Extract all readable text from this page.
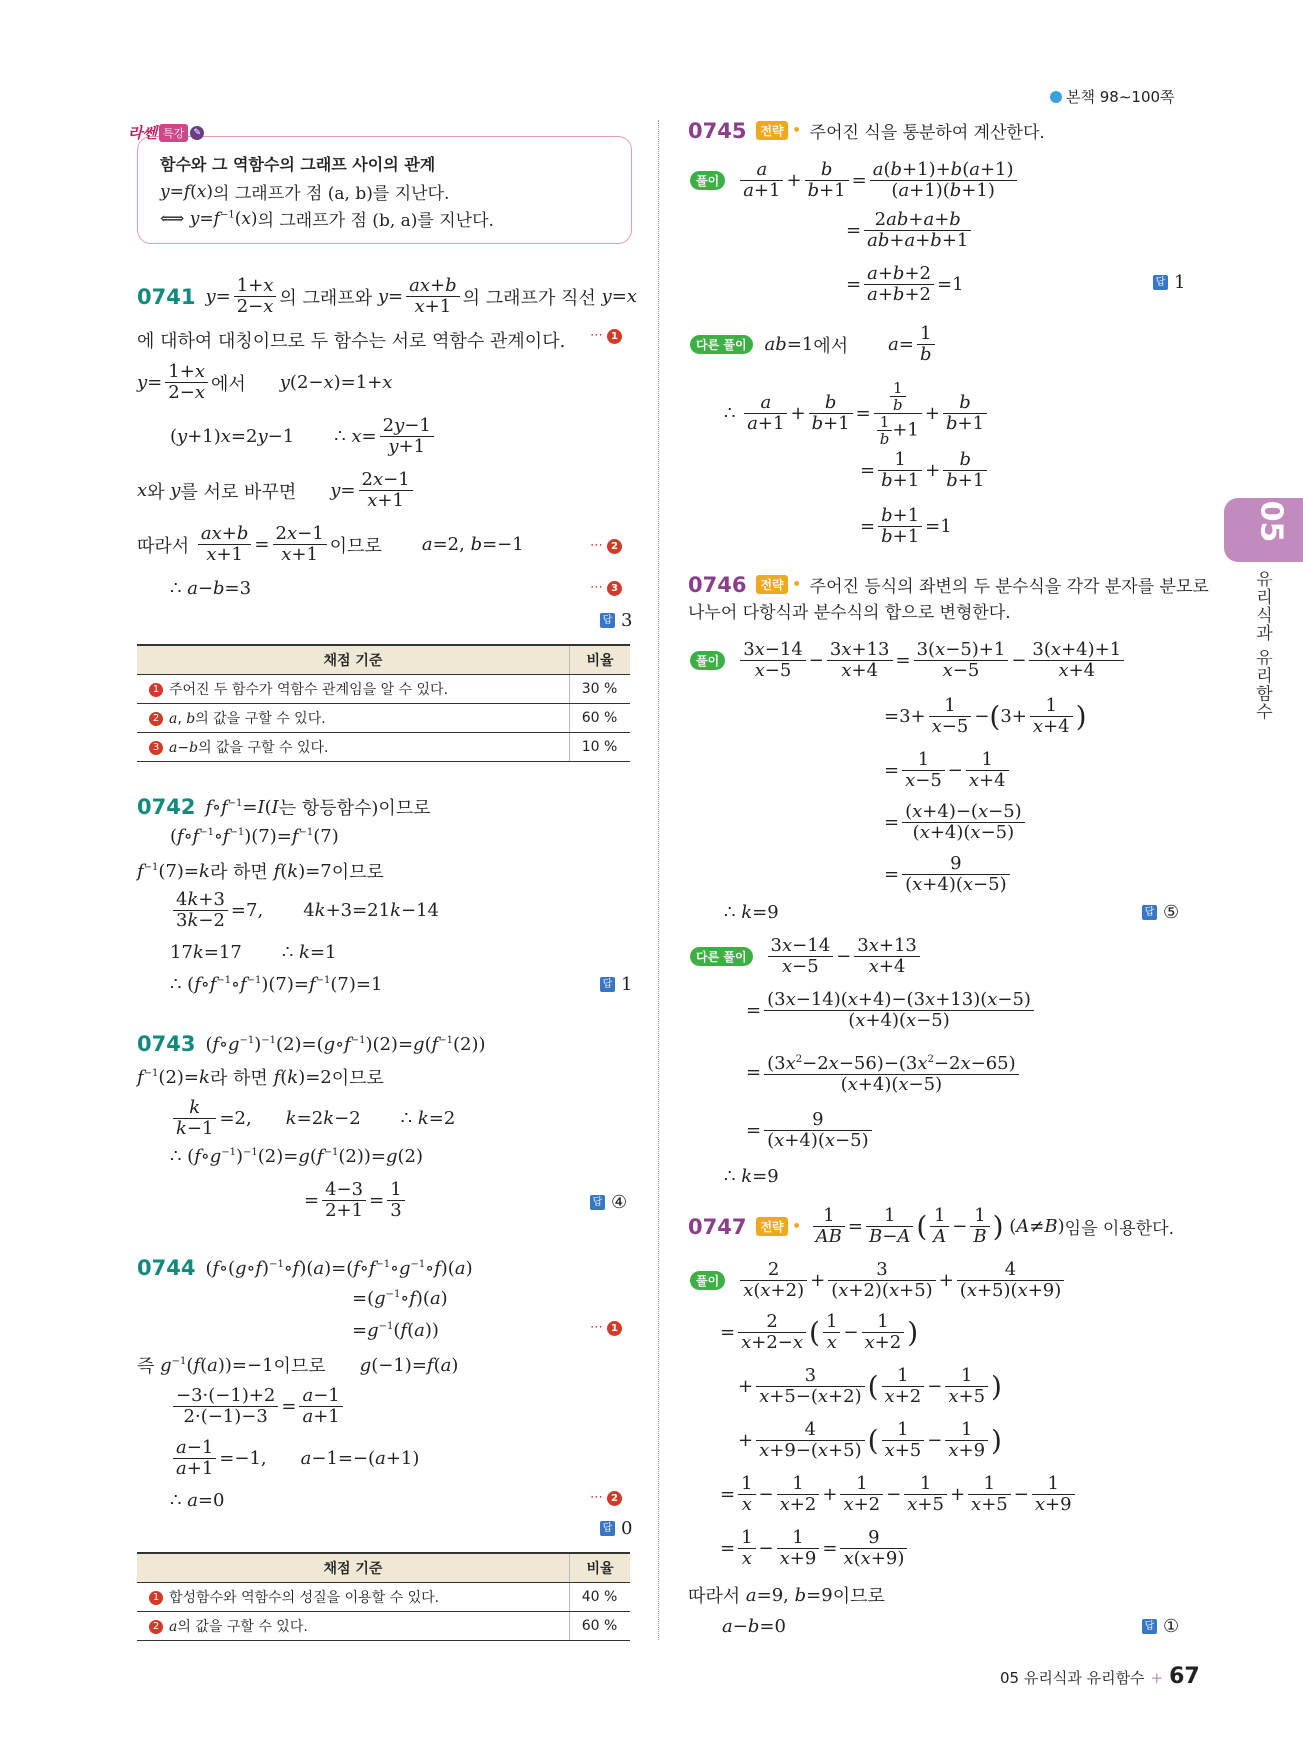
본책 98∼100쪽
라쎈 특강	✎
함수와 그 역함수의 그래프 사이의 관계
y=f(x) 의 그래프가 점 (a, b)를 지난다.
⟺ $y=f^{-1}(x)$ 의 그래프가 점 (b, a)를 지난다.
0741 $y= \frac{1+x}{2-x}$ 의 그래프와
$y= \frac{ax+b}{x+1}$ 의 그래프가 직선
y=x
에 대하여 대칭이므로 두 함수는 서로 역함수 관계이다. ⋯ 1
$y= \frac{1+x}{2-x}$ 에서 y(2−x)=1+x
(y+1)x=2y−1 ∴ $x= \frac{2y-1}{y+1}$
x 와
y 를 서로 바꾸면 $y= \frac{2x-1}{x+1}$
따라서
$\frac{ax+b}{x+1} = \frac{2x-1}{x+1}$ 이므로 a=2, b=−1	⋯ 2
∴ a−b=3	⋯ 3
답 3
채점 기준	비율
1 주어진 두 함수가 역함수 관계임을 알 수 있다.	30 %
2 a, b의 값을 구할 수 있다.	60 %
3 a−b의 값을 구할 수 있다.	10 %
0742 $f\circ f^{-1}=I$ ( I 는 항등함수)이므로
$(f\circ f^{-1}\circ f^{-1})(7)=f^{-1}(7)$
$f^{-1}(7)=k$ 라 하면
f(k)=7 이므로
$\frac{4k+3}{3k-2} =7$, 4k+3=21k−14
17k=17 ∴ k=1
∴ $(f\circ f^{-1}\circ f^{-1})(7)=f^{-1}(7)=1$	답 1
0743 $(f\circ g^{-1})^{-1}(2)=(g\circ f^{-1})(2)=g(f^{-1}(2))$
$f^{-1}(2)=k$ 라 하면
f(k)=2 이므로
$\frac{k}{k-1} =2$, k=2k−2 ∴ k=2
∴ $(f\circ g^{-1})^{-1}(2)=g(f^{-1}(2))=g(2)$
= $\frac{4-3}{2+1} = \frac{1}{3}$	답 ④
0744 $(f\circ(g\circ f)^{-1}\circ f)(a)=(f\circ f^{-1}\circ g^{-1}\circ f)(a)$
$=(g^{-1}\circ f)(a)$
$=g^{-1}(f(a))$	⋯ 1
즉
$g^{-1}(f(a))=-1$ 이므로 g(−1)=f(a)
$\frac{-3\cdot(-1)+2}{2\cdot(-1)-3} = \frac{a-1}{a+1}$
$\frac{a-1}{a+1} =-1$, a−1=−(a+1)
∴ a=0	⋯ 2
답 0
채점 기준	비율
1 합성함수와 역함수의 성질을 이용할 수 있다.	40 %
2 a의 값을 구할 수 있다.	60 %
0745	전략 • 주어진 식을 통분하여 계산한다.
풀이	$\frac{a}{a+1} + \frac{b}{b+1} = \frac{a(b+1)+b(a+1)}{(a+1)(b+1)}$
= $\frac{2ab+a+b}{ab+a+b+1}$
= $\frac{a+b+2}{a+b+2} =1$	답 1
다른 풀이	ab=1 에서 $a= \frac{1}{b}$
∴
$\frac{a}{a+1} + \frac{b}{b+1} = \frac{\frac{1}{b}}{\frac{1}{b} +1} + \frac{b}{b+1}$
= $\frac{1}{b+1} + \frac{b}{b+1}$
= $\frac{b+1}{b+1} =1$
0746	전략 • 주어진 등식의 좌변의 두 분수식을 각각 분자를 분모로
나누어 다항식과 분수식의 합으로 변형한다.
풀이	$\frac{3x-14}{x-5} - \frac{3x+13}{x+4} = \frac{3(x-5)+1}{x-5} - \frac{3(x+4)+1}{x+4}$
$=3+ \frac{1}{x-5}$ − ( $3+ \frac{1}{x+4}$ )
= $\frac{1}{x-5} - \frac{1}{x+4}$
= $\frac{(x+4)-(x-5)}{(x+4)(x-5)}$
= $\frac{9}{(x+4)(x-5)}$
∴ k=9	답 ⑤
다른 풀이	$\frac{3x-14}{x-5} - \frac{3x+13}{x+4}$
= $\frac{(3x-14)(x+4)-(3x+13)(x-5)}{(x+4)(x-5)}$
= $\frac{(3x^2-2x-56)-(3x^2-2x-65)}{(x+4)(x-5)}$
= $\frac{9}{(x+4)(x-5)}$
∴ k=9
0747	전략 • $\frac{1}{AB} = \frac{1}{B-A}$ ( $\frac{1}{A} - \frac{1}{B}$ ) (A≠B) 임을 이용한다.
풀이	$\frac{2}{x(x+2)} + \frac{3}{(x+2)(x+5)} + \frac{4}{(x+5)(x+9)}$
= $\frac{2}{x+2-x}$ ( $\frac{1}{x} - \frac{1}{x+2}$ )
+ $\frac{3}{x+5-(x+2)}$ ( $\frac{1}{x+2} - \frac{1}{x+5}$ )
+ $\frac{4}{x+9-(x+5)}$ ( $\frac{1}{x+5} - \frac{1}{x+9}$ )
= $\frac{1}{x} - \frac{1}{x+2} + \frac{1}{x+2} - \frac{1}{x+5} + \frac{1}{x+5} - \frac{1}{x+9}$
= $\frac{1}{x} - \frac{1}{x+9} = \frac{9}{x(x+9)}$
따라서
a=9, b=9 이므로
a−b=0	답 ①
05
유리식과 유리함수
05 유리식과 유리함수 + 67
